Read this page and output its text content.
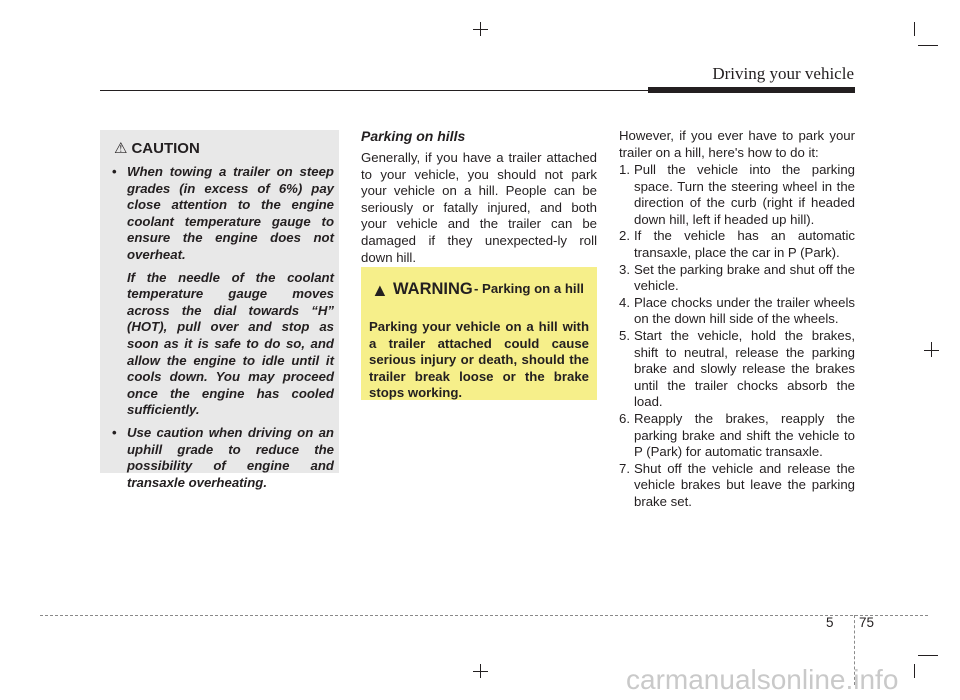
Driving your vehicle
⚠ CAUTION
• When towing a trailer on steep grades (in excess of 6%) pay close attention to the engine coolant temperature gauge to ensure the engine does not overheat.

If the needle of the coolant temperature gauge moves across the dial towards “H” (HOT), pull over and stop as soon as it is safe to do so, and allow the engine to idle until it cools down. You may proceed once the engine has cooled sufficiently.

• Use caution when driving on an uphill grade to reduce the possibility of engine and transaxle overheating.

Parking on hills

Generally, if you have a trailer attached to your vehicle, you should not park your vehicle on a hill. People can be seriously or fatally injured, and both your vehicle and the trailer can be damaged if they unexpected-ly roll down hill.

▲ WARNING - Parking on a hill

Parking your vehicle on a hill with a trailer attached could cause serious injury or death, should the trailer break loose or the brake stops working.

However, if you ever have to park your trailer on a hill, here's how to do it:

1. Pull the vehicle into the parking space. Turn the steering wheel in the direction of the curb (right if headed down hill, left if headed up hill).
2. If the vehicle has an automatic transaxle, place the car in P (Park).
3. Set the parking brake and shut off the vehicle.
4. Place chocks under the trailer wheels on the down hill side of the wheels.
5. Start the vehicle, hold the brakes, shift to neutral, release the parking brake and slowly release the brakes until the trailer chocks absorb the load.
6. Reapply the brakes, reapply the parking brake and shift the vehicle to P (Park) for automatic transaxle.
7. Shut off the vehicle and release the vehicle brakes but leave the parking brake set.
5 75
carmanualsonline.info
